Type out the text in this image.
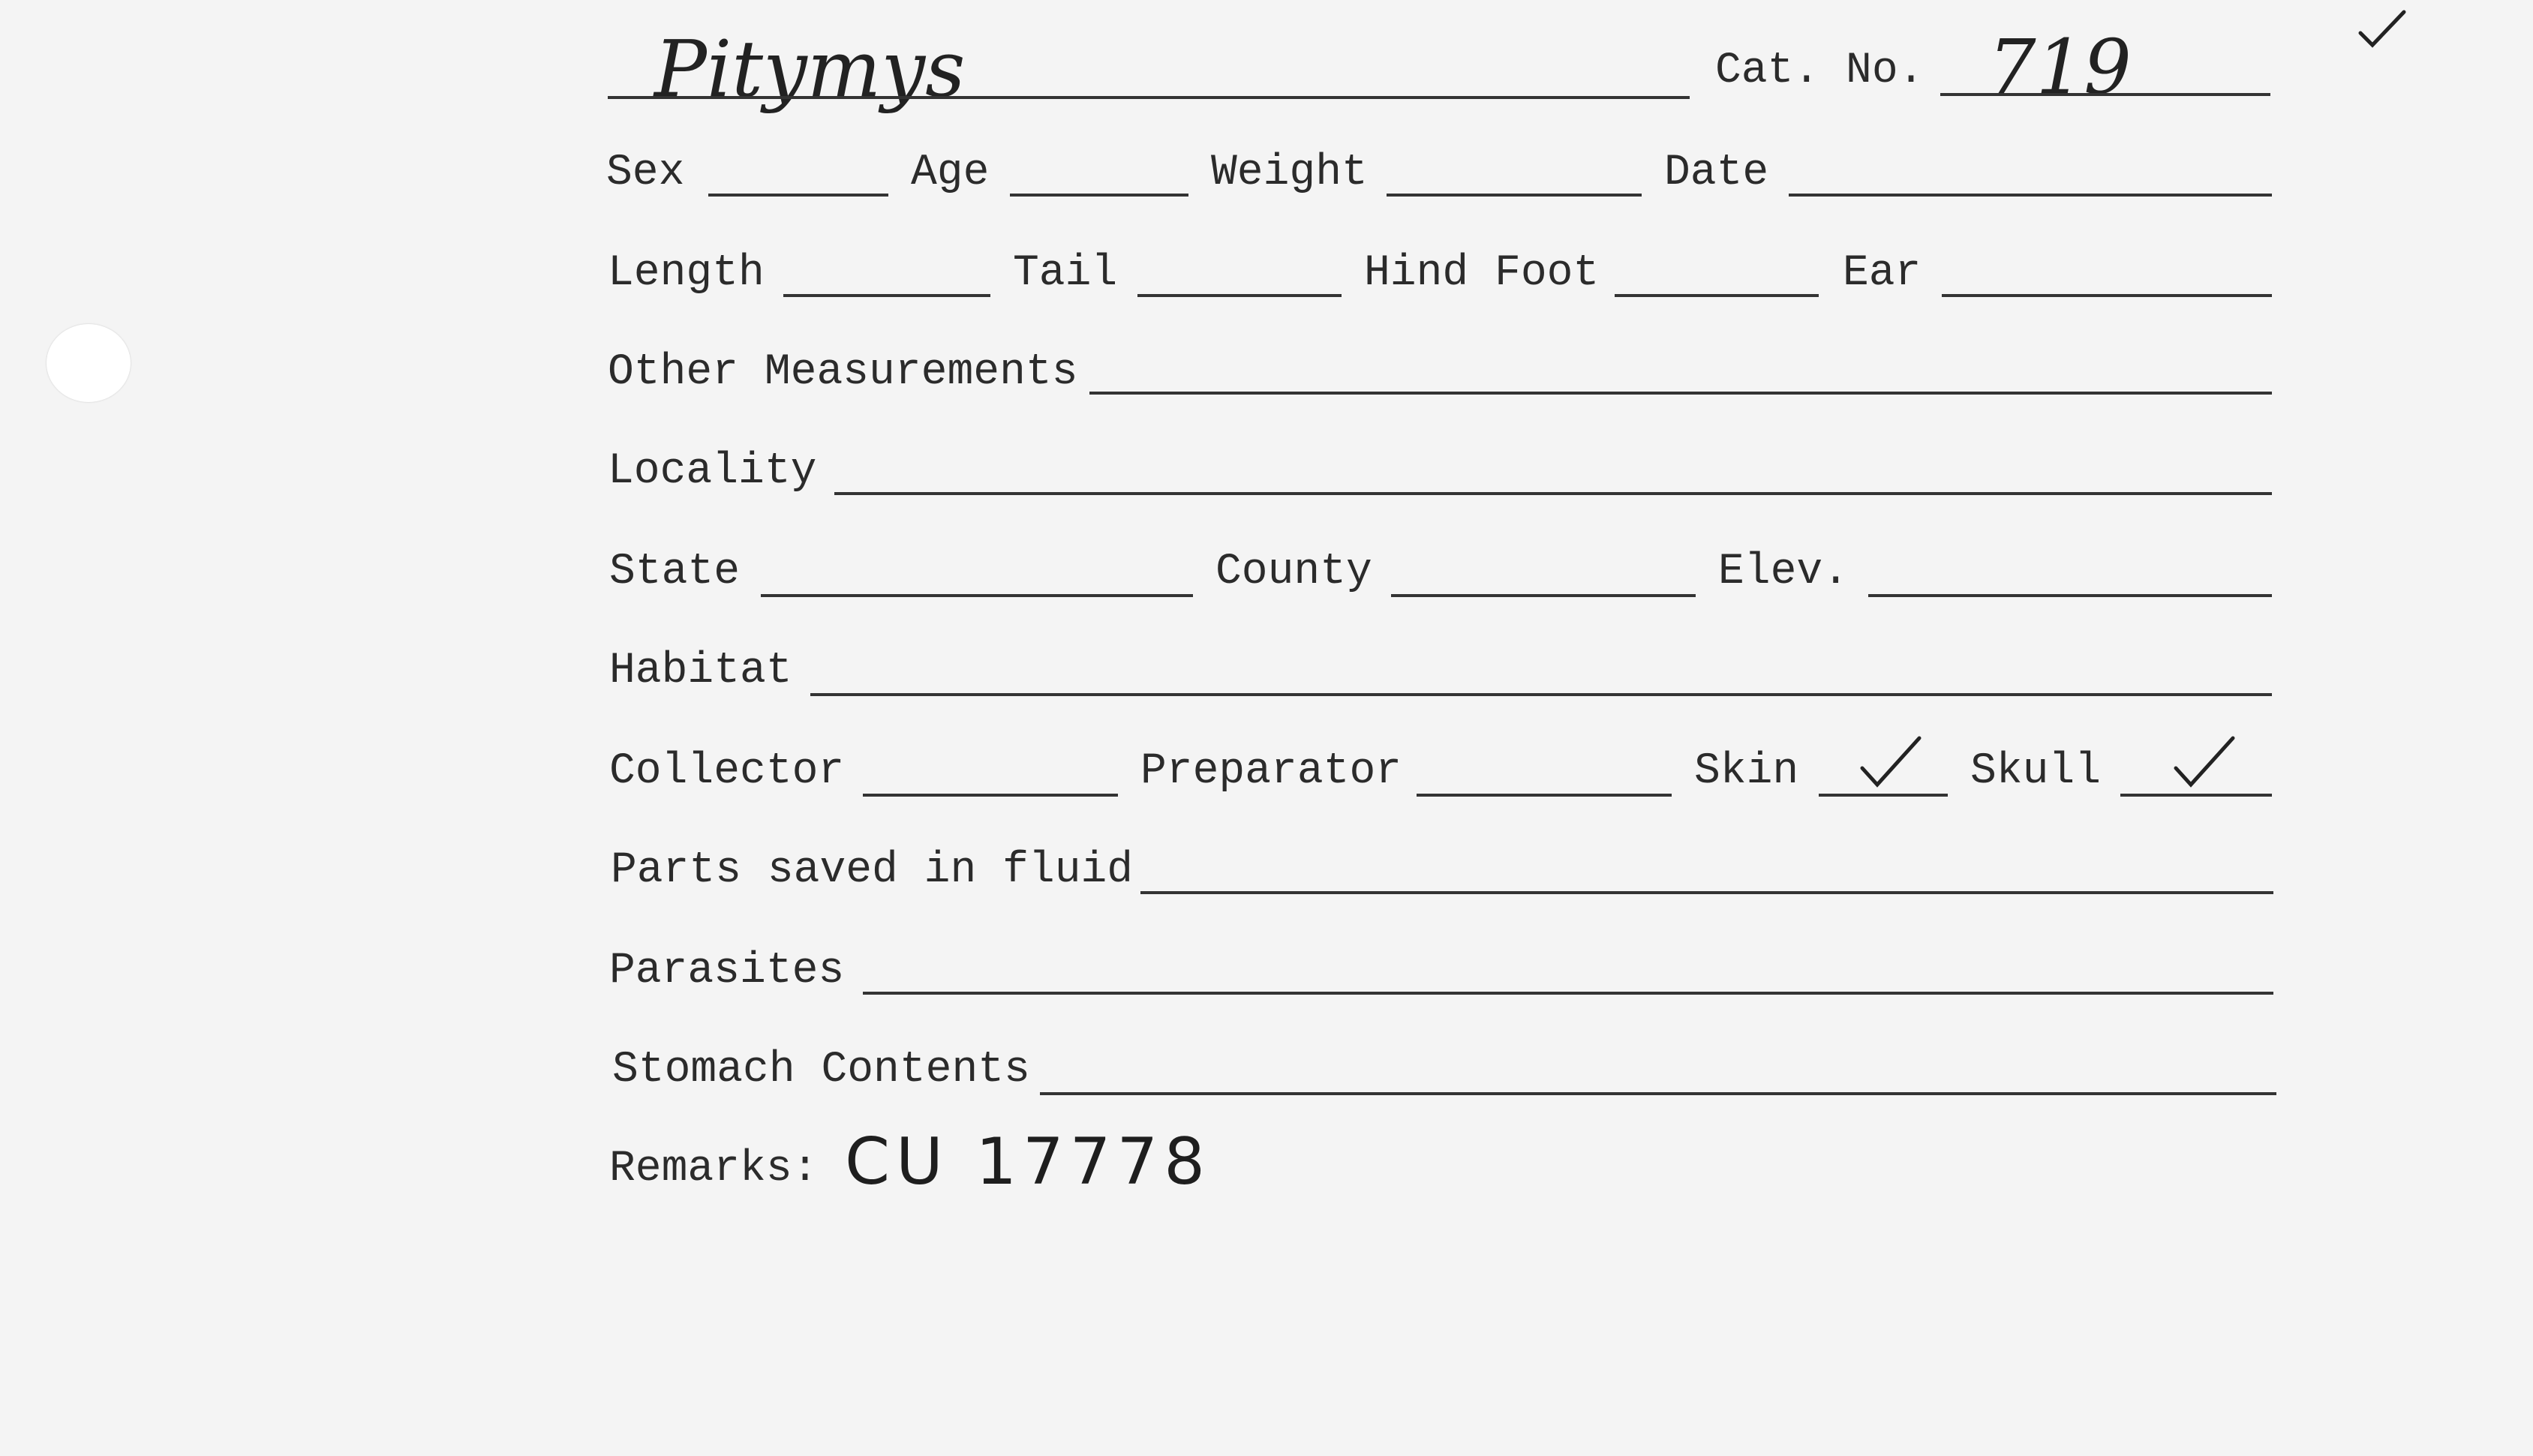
Pitymys	Cat. No. 719
Sex	Age	Weight	Date
Length	Tail	Hind Foot	Ear
Other Measurements
Locality
State	County	Elev.
Habitat
Collector	Preparator	Skin	Skull
Parts saved in fluid
Parasites
Stomach Contents
Remarks: CU 17778
